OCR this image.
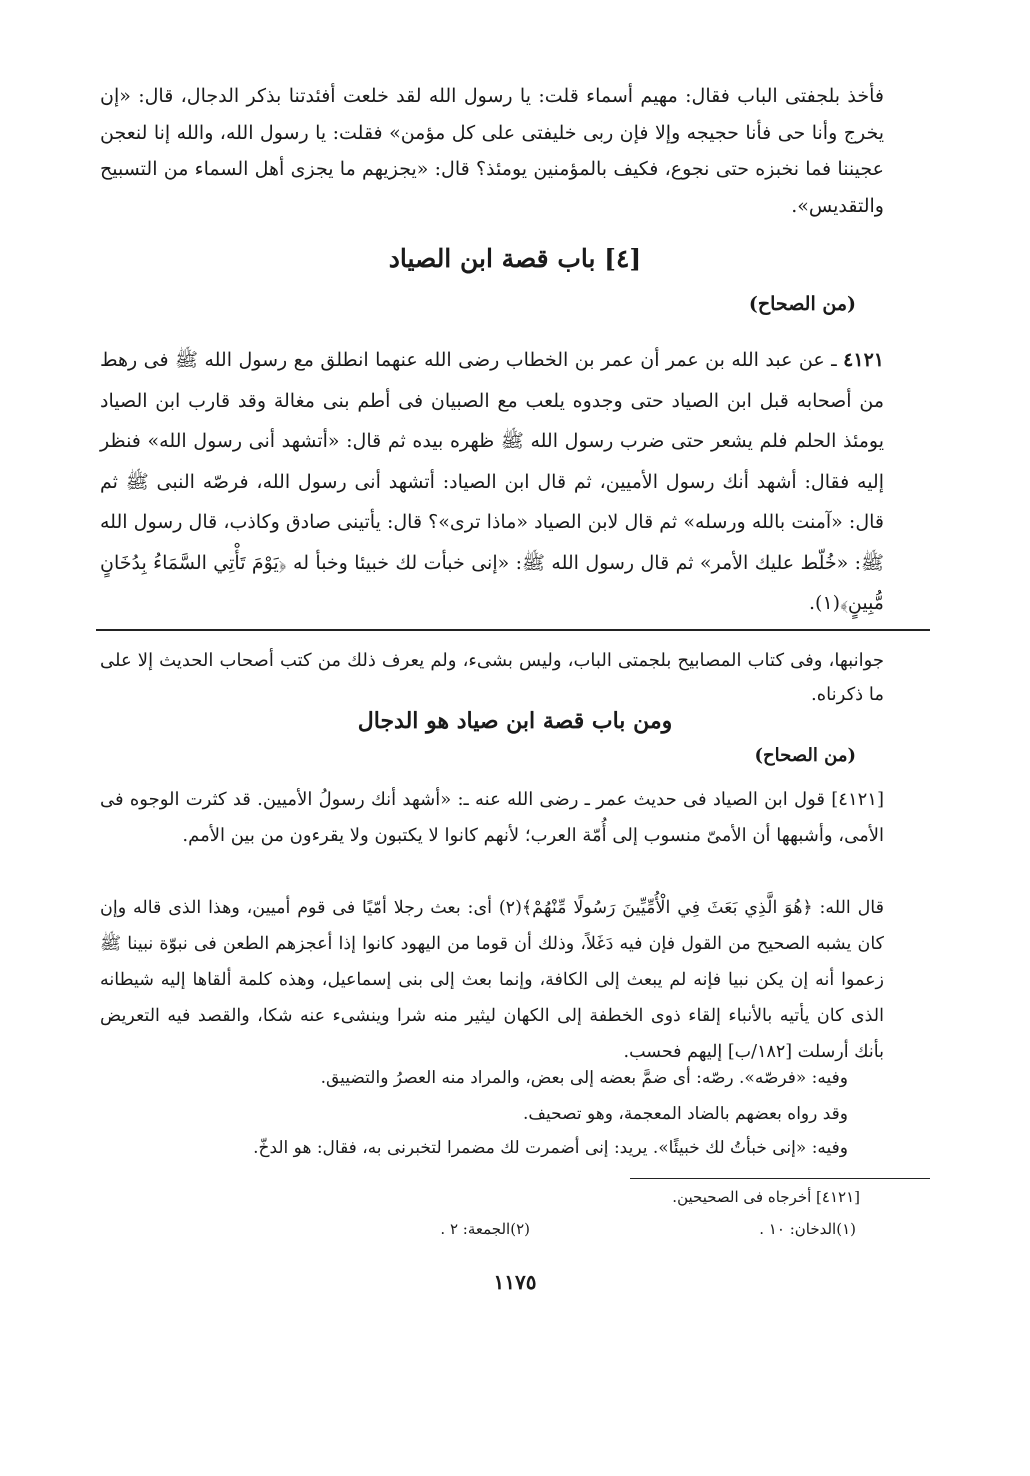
فأخذ بلجفتى الباب فقال: مهيم أسماء قلت: يا رسول الله لقد خلعت أفئدتنا بذكر الدجال، قال: «إن يخرج وأنا حى فأنا حجيجه وإلا فإن ربى خليفتى على كل مؤمن» فقلت: يا رسول الله، والله إنا لنعجن عجيننا فما نخبزه حتى نجوع، فكيف بالمؤمنين يومئذ؟ قال: «يجزيهم ما يجزى أهل السماء من التسبيح والتقديس».
[٤] باب قصة ابن الصياد
(من الصحاح)
٤١٢١ ـ عن عبد الله بن عمر أن عمر بن الخطاب رضى الله عنهما انطلق مع رسول الله ﷺ فى رهط من أصحابه قبل ابن الصياد حتى وجدوه يلعب مع الصبيان فى أطم بنى مغالة وقد قارب ابن الصياد يومئذ الحلم فلم يشعر حتى ضرب رسول الله ﷺ ظهره بيده ثم قال: «أتشهد أنى رسول الله» فنظر إليه فقال: أشهد أنك رسول الأميين، ثم قال ابن الصياد: أتشهد أنى رسول الله، فرصّه النبى ﷺ ثم قال: «آمنت بالله ورسله» ثم قال لابن الصياد «ماذا ترى»؟ قال: يأتينى صادق وكاذب، قال رسول الله ﷺ: «خُلّط عليك الأمر» ثم قال رسول الله ﷺ: «إنى خبأت لك خبيئا وخبأ له ﴿يَوْمَ تَأْتِي السَّمَاءُ بِدُخَانٍ مُّبِينٍ﴾(١).
جوانبها، وفى كتاب المصابيح بلجمتى الباب، وليس بشىء، ولم يعرف ذلك من كتب أصحاب الحديث إلا على ما ذكرناه.
ومن باب قصة ابن صياد هو الدجال
(من الصحاح)
[٤١٢١] قول ابن الصياد فى حديث عمر ـ رضى الله عنه ـ: «أشهد أنك رسولُ الأميين. قد كثرت الوجوه فى الأمى، وأشبهها أن الأمىّ منسوب إلى أُمّة العرب؛ لأنهم كانوا لا يكتبون ولا يقرءون من بين الأمم.
قال الله: ﴿هُوَ الَّذِي بَعَثَ فِي الْأُمِّيِّينَ رَسُولًا مِّنْهُمْ﴾(٢) أى: بعث رجلا أمّيًا فى قوم أميين، وهذا الذى قاله وإن كان يشبه الصحيح من القول فإن فيه دَغَلاً، وذلك أن قوما من اليهود كانوا إذا أعجزهم الطعن فى نبوّة نبينا ﷺ زعموا أنه إن يكن نبيا فإنه لم يبعث إلى الكافة، وإنما بعث إلى بنى إسماعيل، وهذه كلمة ألقاها إليه شيطانه الذى كان يأتيه بالأنباء إلقاء ذوى الخطفة إلى الكهان ليثير منه شرا وينشىء عنه شكا، والقصد فيه التعريض بأنك أرسلت [١٨٢/ب] إليهم فحسب.
وفيه: «فرصّه». رصّه: أى ضمَّ بعضه إلى بعض، والمراد منه العصرُ والتضييق.
وقد رواه بعضهم بالضاد المعجمة، وهو تصحيف.
وفيه: «إنى خبأتُ لك خبيئًا». يريد: إنى أضمرت لك مضمرا لتخبرنى به، فقال: هو الدخّ.
[٤١٢١] أخرجاه فى الصحيحين.
(١)الدخان: ١٠ .
(٢)الجمعة: ٢ .
١١٧٥
